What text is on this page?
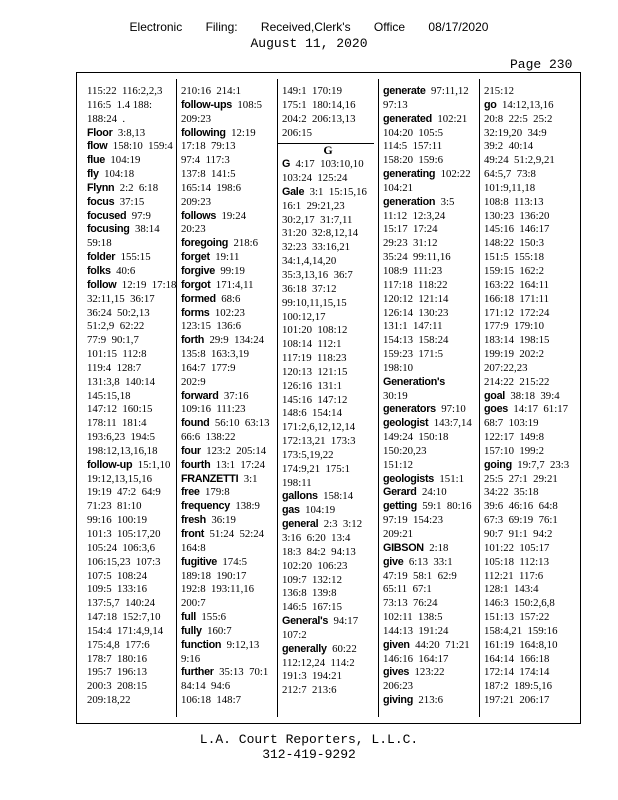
Electronic Filing: Received,Clerk's Office 08/17/2020
August 11, 2020
Page 230
115:22  116:2,2,3
116:5  1.4 188:
188:24  .
Floor 3:8,13
flow 158:10  159:4
flue 104:19
fly 104:18
Flynn 2:2  6:18
focus 37:15
focused 97:9
focusing 38:14
59:18
folder 155:15
folks 40:6
follow 12:19  17:18
32:11,15  36:17
36:24  50:2,13
51:2,9  62:22
77:9  90:1,7
101:15  112:8
119:4  128:7
131:3,8  140:14
145:15,18
147:12  160:15
178:11  181:4
193:6,23  194:5
198:12,13,16,18
follow-up 15:1,10
19:12,13,15,16
19:19  47:2  64:9
71:23  81:10
99:16  100:19
101:3  105:17,20
105:24  106:3,6
106:15,23  107:3
107:5  108:24
109:5  133:16
137:5,7  140:24
147:18  152:7,10
154:4  171:4,9,14
175:4,8  177:6
178:7  180:16
195:7  196:13
200:3  208:15
209:18,22
210:16  214:1
follow-ups 108:5
209:23
following 12:19
17:18  79:13
97:4  117:3
137:8  141:5
165:14  198:6
209:23
follows 19:24
20:23
foregoing 218:6
forget 19:11
forgive 99:19
forgot 171:4,11
formed 68:6
forms 102:23
123:15  136:6
forth 29:9  134:24
135:8  163:3,19
164:7  177:9
202:9
forward 37:16
109:16  111:23
found 56:10  63:13
66:6  138:22
four 123:2  205:14
fourth 13:1  17:24
FRANZETTI 3:1
free 179:8
frequency 138:9
fresh 36:19
front 51:24  52:24
164:8
fugitive 174:5
189:18  190:17
192:8  193:11,16
200:7
full 155:6
fully 160:7
function 9:12,13
9:16
further 35:13  70:1
84:14  94:6
106:18  148:7
149:1  170:19
175:1  180:14,16
204:2  206:13,13
206:15
G
G 4:17  103:10,10
103:24  125:24
Gale 3:1  15:15,16
16:1  29:21,23
30:2,17  31:7,11
31:20  32:8,12,14
32:23  33:16,21
34:1,4,14,20
35:3,13,16  36:7
36:18  37:12
99:10,11,15,15
100:12,17
101:20  108:12
108:14  112:1
117:19  118:23
120:13  121:15
126:16  131:1
145:16  147:12
148:6  154:14
171:2,6,12,12,14
172:13,21  173:3
173:5,19,22
174:9,21  175:1
198:11
gallons 158:14
gas 104:19
general 2:3  3:12
3:16  6:20  13:4
18:3  84:2  94:13
102:20  106:23
109:7  132:12
136:8  139:8
146:5  167:15
General's 94:17
107:2
generally 60:22
112:12,24  114:2
191:3  194:21
212:7  213:6
generate 97:11,12
97:13
generated 102:21
104:20  105:5
114:5  157:11
158:20  159:6
generating 102:22
104:21
generation 3:5
11:12  12:3,24
15:17  17:24
29:23  31:12
35:24  99:11,16
108:9  111:23
117:18  118:22
120:12  121:14
126:14  130:23
131:1  147:11
154:13  158:24
159:23  171:5
198:10
Generation's
30:19
generators 97:10
geologist 143:7,14
149:24  150:18
150:20,23
151:12
geologists 151:1
Gerard 24:10
getting 59:1  80:16
97:19  154:23
209:21
GIBSON 2:18
give 6:13  33:1
47:19  58:1  62:9
65:11  67:1
73:13  76:24
102:11  138:5
144:13  191:24
given 44:20  71:21
146:16  164:17
gives 123:22
206:23
giving 213:6
215:12
go 14:12,13,16
20:8  22:5  25:2
32:19,20  34:9
39:2  40:14
49:24  51:2,9,21
64:5,7  73:8
101:9,11,18
108:8  113:13
130:23  136:20
145:16  146:17
148:22  150:3
151:5  155:18
159:15  162:2
163:22  164:11
166:18  171:11
171:12  172:24
177:9  179:10
183:14  198:15
199:19  202:2
207:22,23
214:22  215:22
goal 38:18  39:4
goes 14:17  61:17
68:7  103:19
122:17  149:8
157:10  199:2
going 19:7,7  23:3
25:5  27:1  29:21
34:22  35:18
39:6  46:16  64:8
67:3  69:19  76:1
90:7  91:1  94:2
101:22  105:17
105:18  112:13
112:21  117:6
128:1  143:4
146:3  150:2,6,8
151:13  157:22
158:4,21  159:16
161:19  164:8,10
164:14  166:18
172:14  174:14
187:2  189:5,16
197:21  206:17
L.A. Court Reporters, L.L.C.
312-419-9292
